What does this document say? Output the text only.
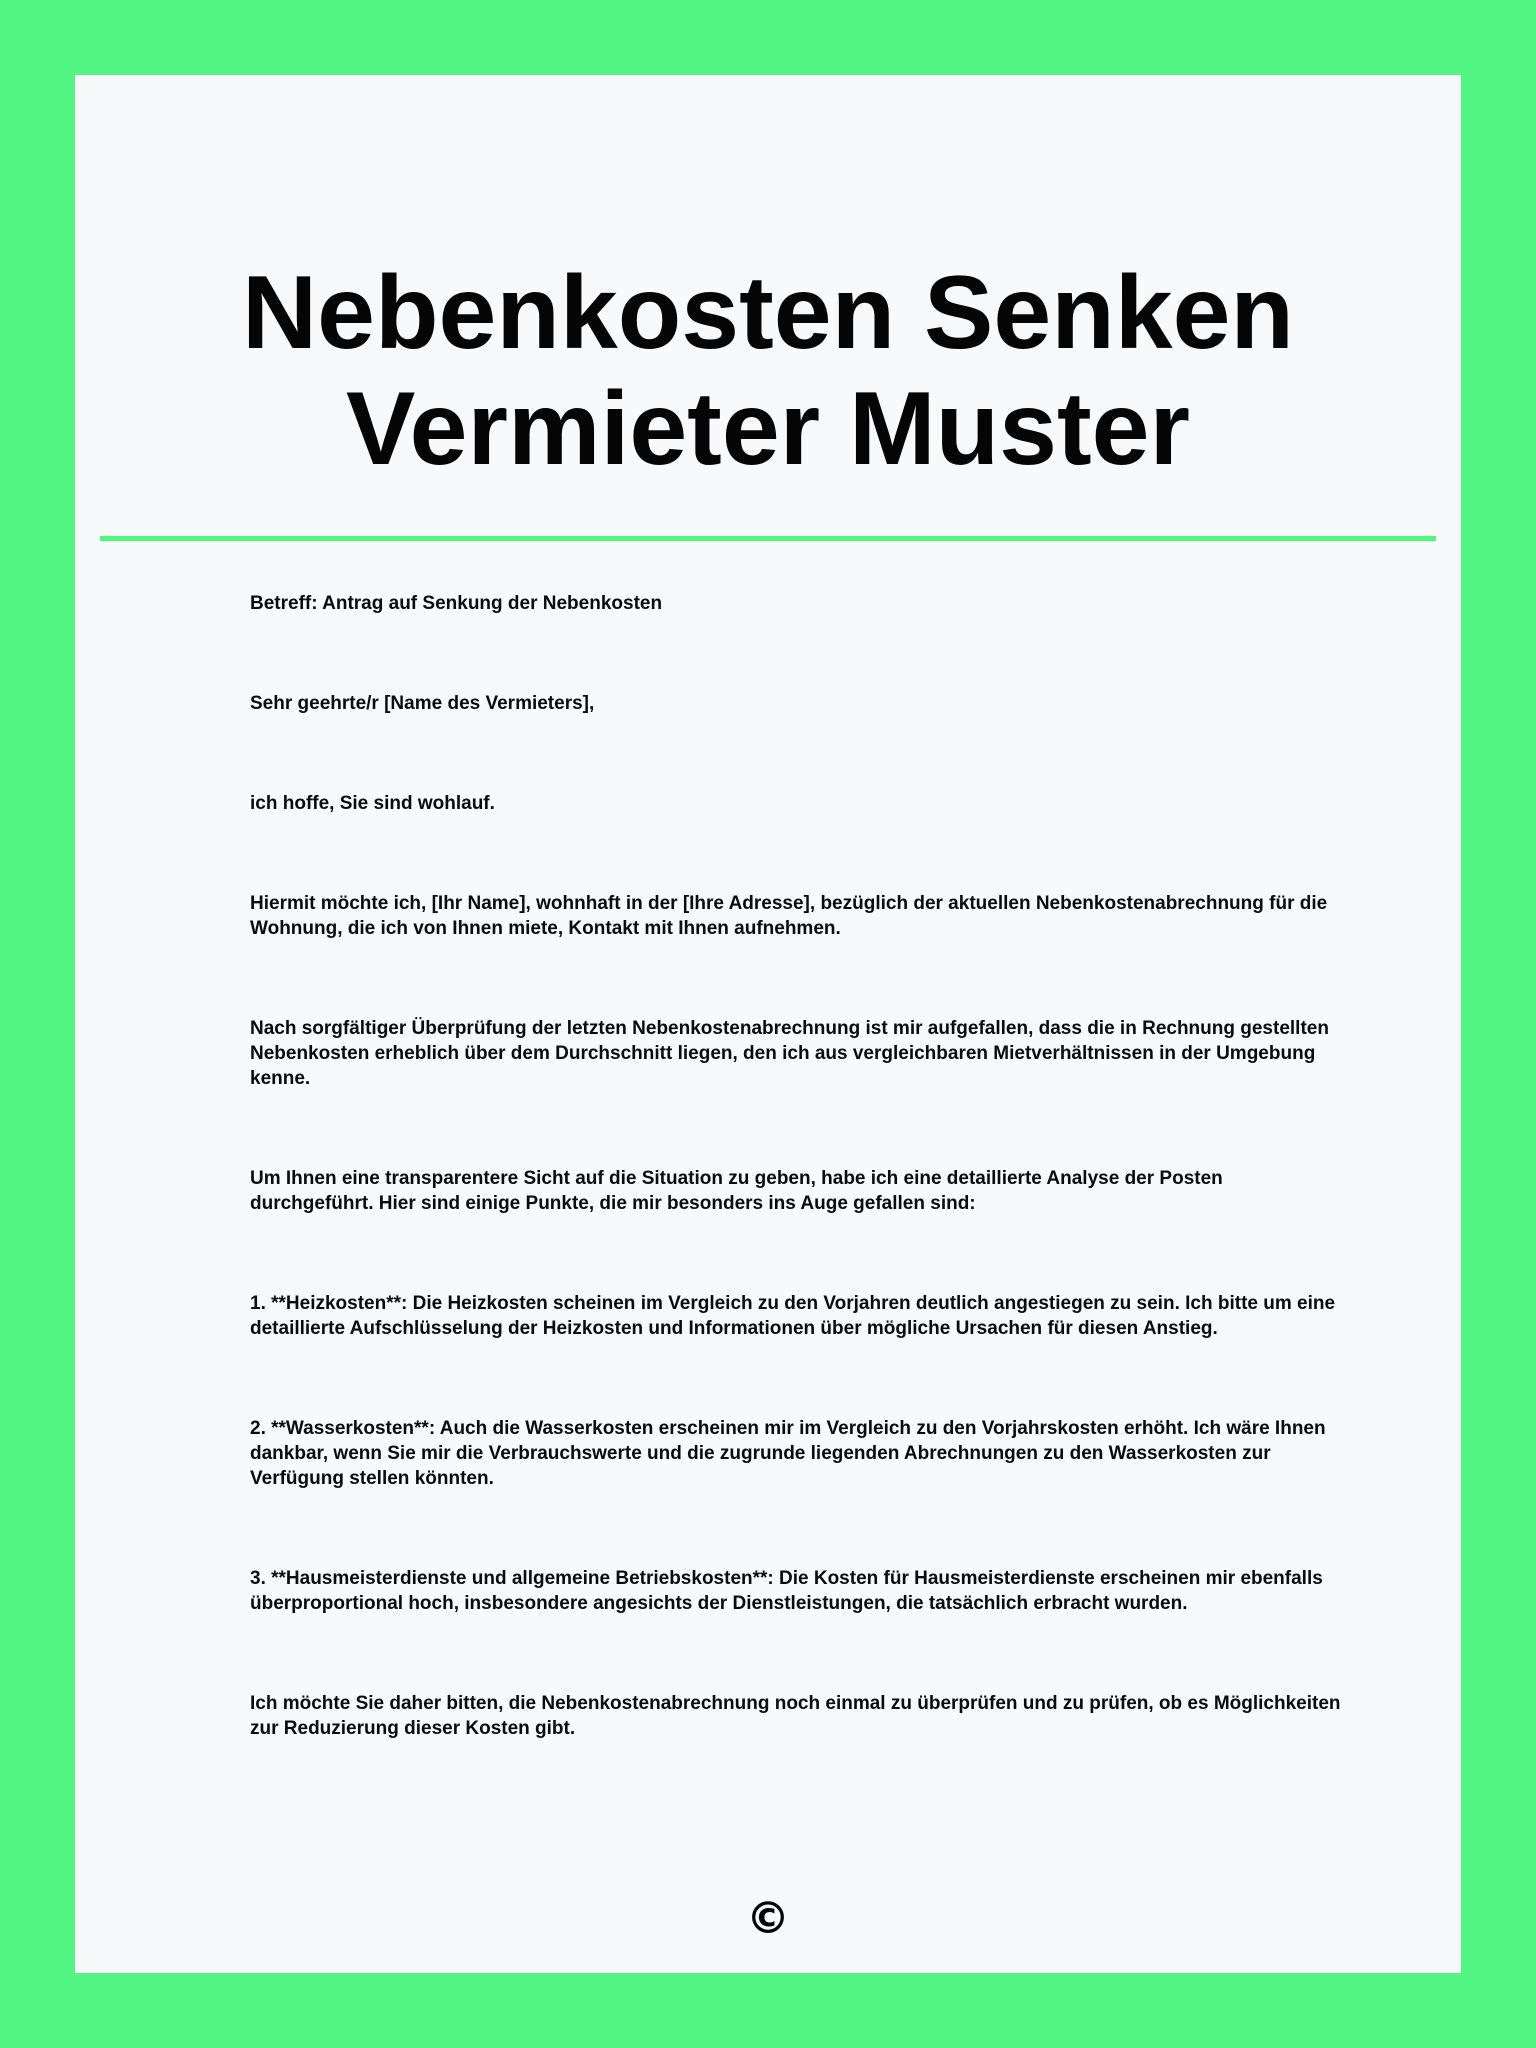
Nebenkosten Senken
Vermieter Muster

Betreff: Antrag auf Senkung der Nebenkosten

Sehr geehrte/r [Name des Vermieters],

ich hoffe, Sie sind wohlauf.

Hiermit möchte ich, [Ihr Name], wohnhaft in der [Ihre Adresse], bezüglich der aktuellen Nebenkostenabrechnung für die Wohnung, die ich von Ihnen miete, Kontakt mit Ihnen aufnehmen.

Nach sorgfältiger Überprüfung der letzten Nebenkostenabrechnung ist mir aufgefallen, dass die in Rechnung gestellten Nebenkosten erheblich über dem Durchschnitt liegen, den ich aus vergleichbaren Mietverhältnissen in der Umgebung kenne.

Um Ihnen eine transparentere Sicht auf die Situation zu geben, habe ich eine detaillierte Analyse der Posten durchgeführt. Hier sind einige Punkte, die mir besonders ins Auge gefallen sind:

1. **Heizkosten**: Die Heizkosten scheinen im Vergleich zu den Vorjahren deutlich angestiegen zu sein. Ich bitte um eine detaillierte Aufschlüsselung der Heizkosten und Informationen über mögliche Ursachen für diesen Anstieg.

2. **Wasserkosten**: Auch die Wasserkosten erscheinen mir im Vergleich zu den Vorjahrskosten erhöht. Ich wäre Ihnen dankbar, wenn Sie mir die Verbrauchswerte und die zugrunde liegenden Abrechnungen zu den Wasserkosten zur Verfügung stellen könnten.

3. **Hausmeisterdienste und allgemeine Betriebskosten**: Die Kosten für Hausmeisterdienste erscheinen mir ebenfalls überproportional hoch, insbesondere angesichts der Dienstleistungen, die tatsächlich erbracht wurden.

Ich möchte Sie daher bitten, die Nebenkostenabrechnung noch einmal zu überprüfen und zu prüfen, ob es Möglichkeiten zur Reduzierung dieser Kosten gibt.

©
